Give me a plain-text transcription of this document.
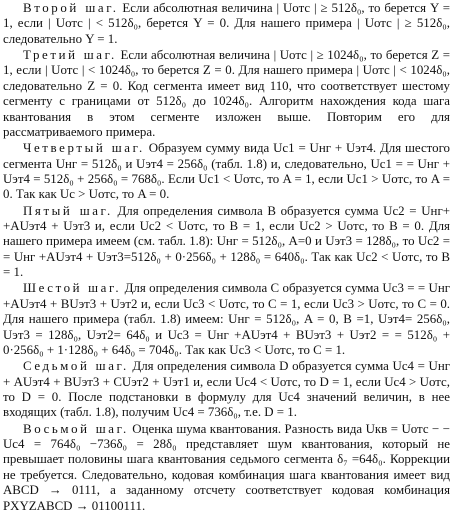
Второй шаг. Если абсолютная величина | Uотс | ≥ 512δ₀, то берется Y = 1, если | Uотс | < 512δ₀, берется Y = 0. Для нашего примера | Uотс | ≥ 512δ₀, следовательно Y = 1.

Третий шаг. Если абсолютная величина | Uотс | ≥ 1024δ₀, то берется Z = 1, если | Uотс | < 1024δ₀, то берется Z = 0. Для нашего примера | Uотс | < 1024δ₀, следовательно Z = 0. Код сегмента имеет вид 110, что соответствует шестому сегменту с границами от 512δ₀ до 1024δ₀. Алгоритм нахождения кода шага квантования в этом сегменте изложен выше. Повторим его для рассматриваемого примера.

Четвертый шаг. Образуем сумму вида Uс1 = Uнг + Uэт4. Для шестого сегмента Uнг = 512δ₀ и Uэт4 = 256δ₀ (табл. 1.8) и, следовательно, Uс1 = = Uнг + Uэт4 = 512δ₀ + 256δ₀ = 768δ₀. Если Uс1 < Uотс, то A = 1, если Uс1 > Uотс, то A = 0. Так как Uс > Uотс, то A = 0.

Пятый шаг. Для определения символа B образуется сумма Uс2 = Uнг+ +AUэт4 + Uэт3 и, если Uс2 < Uотс, то B = 1, если Uс2 > Uотс, то B = 0. Для нашего примера имеем (см. табл. 1.8): Uнг = 512δ₀, A=0 и Uэт3 = 128δ₀, то Uс2 = = Uнг +AUэт4 + Uэт3=512δ₀ + 0·256δ₀ + 128δ₀ = 640δ₀. Так как Uс2 < Uотс, то B = 1.

Шестой шаг. Для определения символа C образуется сумма Uс3 = = Uнг +AUэт4 + BUэт3 + Uэт2 и, если Uс3 < Uотс, то C = 1, если Uс3 > Uотс, то C = 0. Для нашего примера (табл. 1.8) имеем: Uнг = 512δ₀, A = 0, B =1, Uэт4= 256δ₀, Uэт3 = 128δ₀, Uэт2= 64δ₀ и Uс3 = Uнг +AUэт4 + BUэт3 + Uэт2 = = 512δ₀ + 0·256δ₀ + 1·128δ₀ + 64δ₀ = 704δ₀. Так как Uс3 < Uотс, то C = 1.

Седьмой шаг. Для определения символа D образуется сумма Uс4 = Uнг + AUэт4 + BUэт3 + CUэт2 + Uэт1 и, если Uс4 < Uотс, то D = 1, если Uс4 > Uотс, то D = 0. После подстановки в формулу для Uс4 значений величин, в нее входящих (табл. 1.8), получим Uс4 = 736δ₀, т.е. D = 1.

Восьмой шаг. Оценка шума квантования. Разность вида Uкв = Uотс − − Uс4 = 764δ₀ −736δ₀ = 28δ₀ представляет шум квантования, который не превышает половины шага квантования седьмого сегмента δ₇ =64δ₀. Коррекции не требуется. Следовательно, кодовая комбинация шага квантования имеет вид ABCD → 0111, а заданному отсчету соответствует кодовая комбинация PXYZABCD → 01100111.
